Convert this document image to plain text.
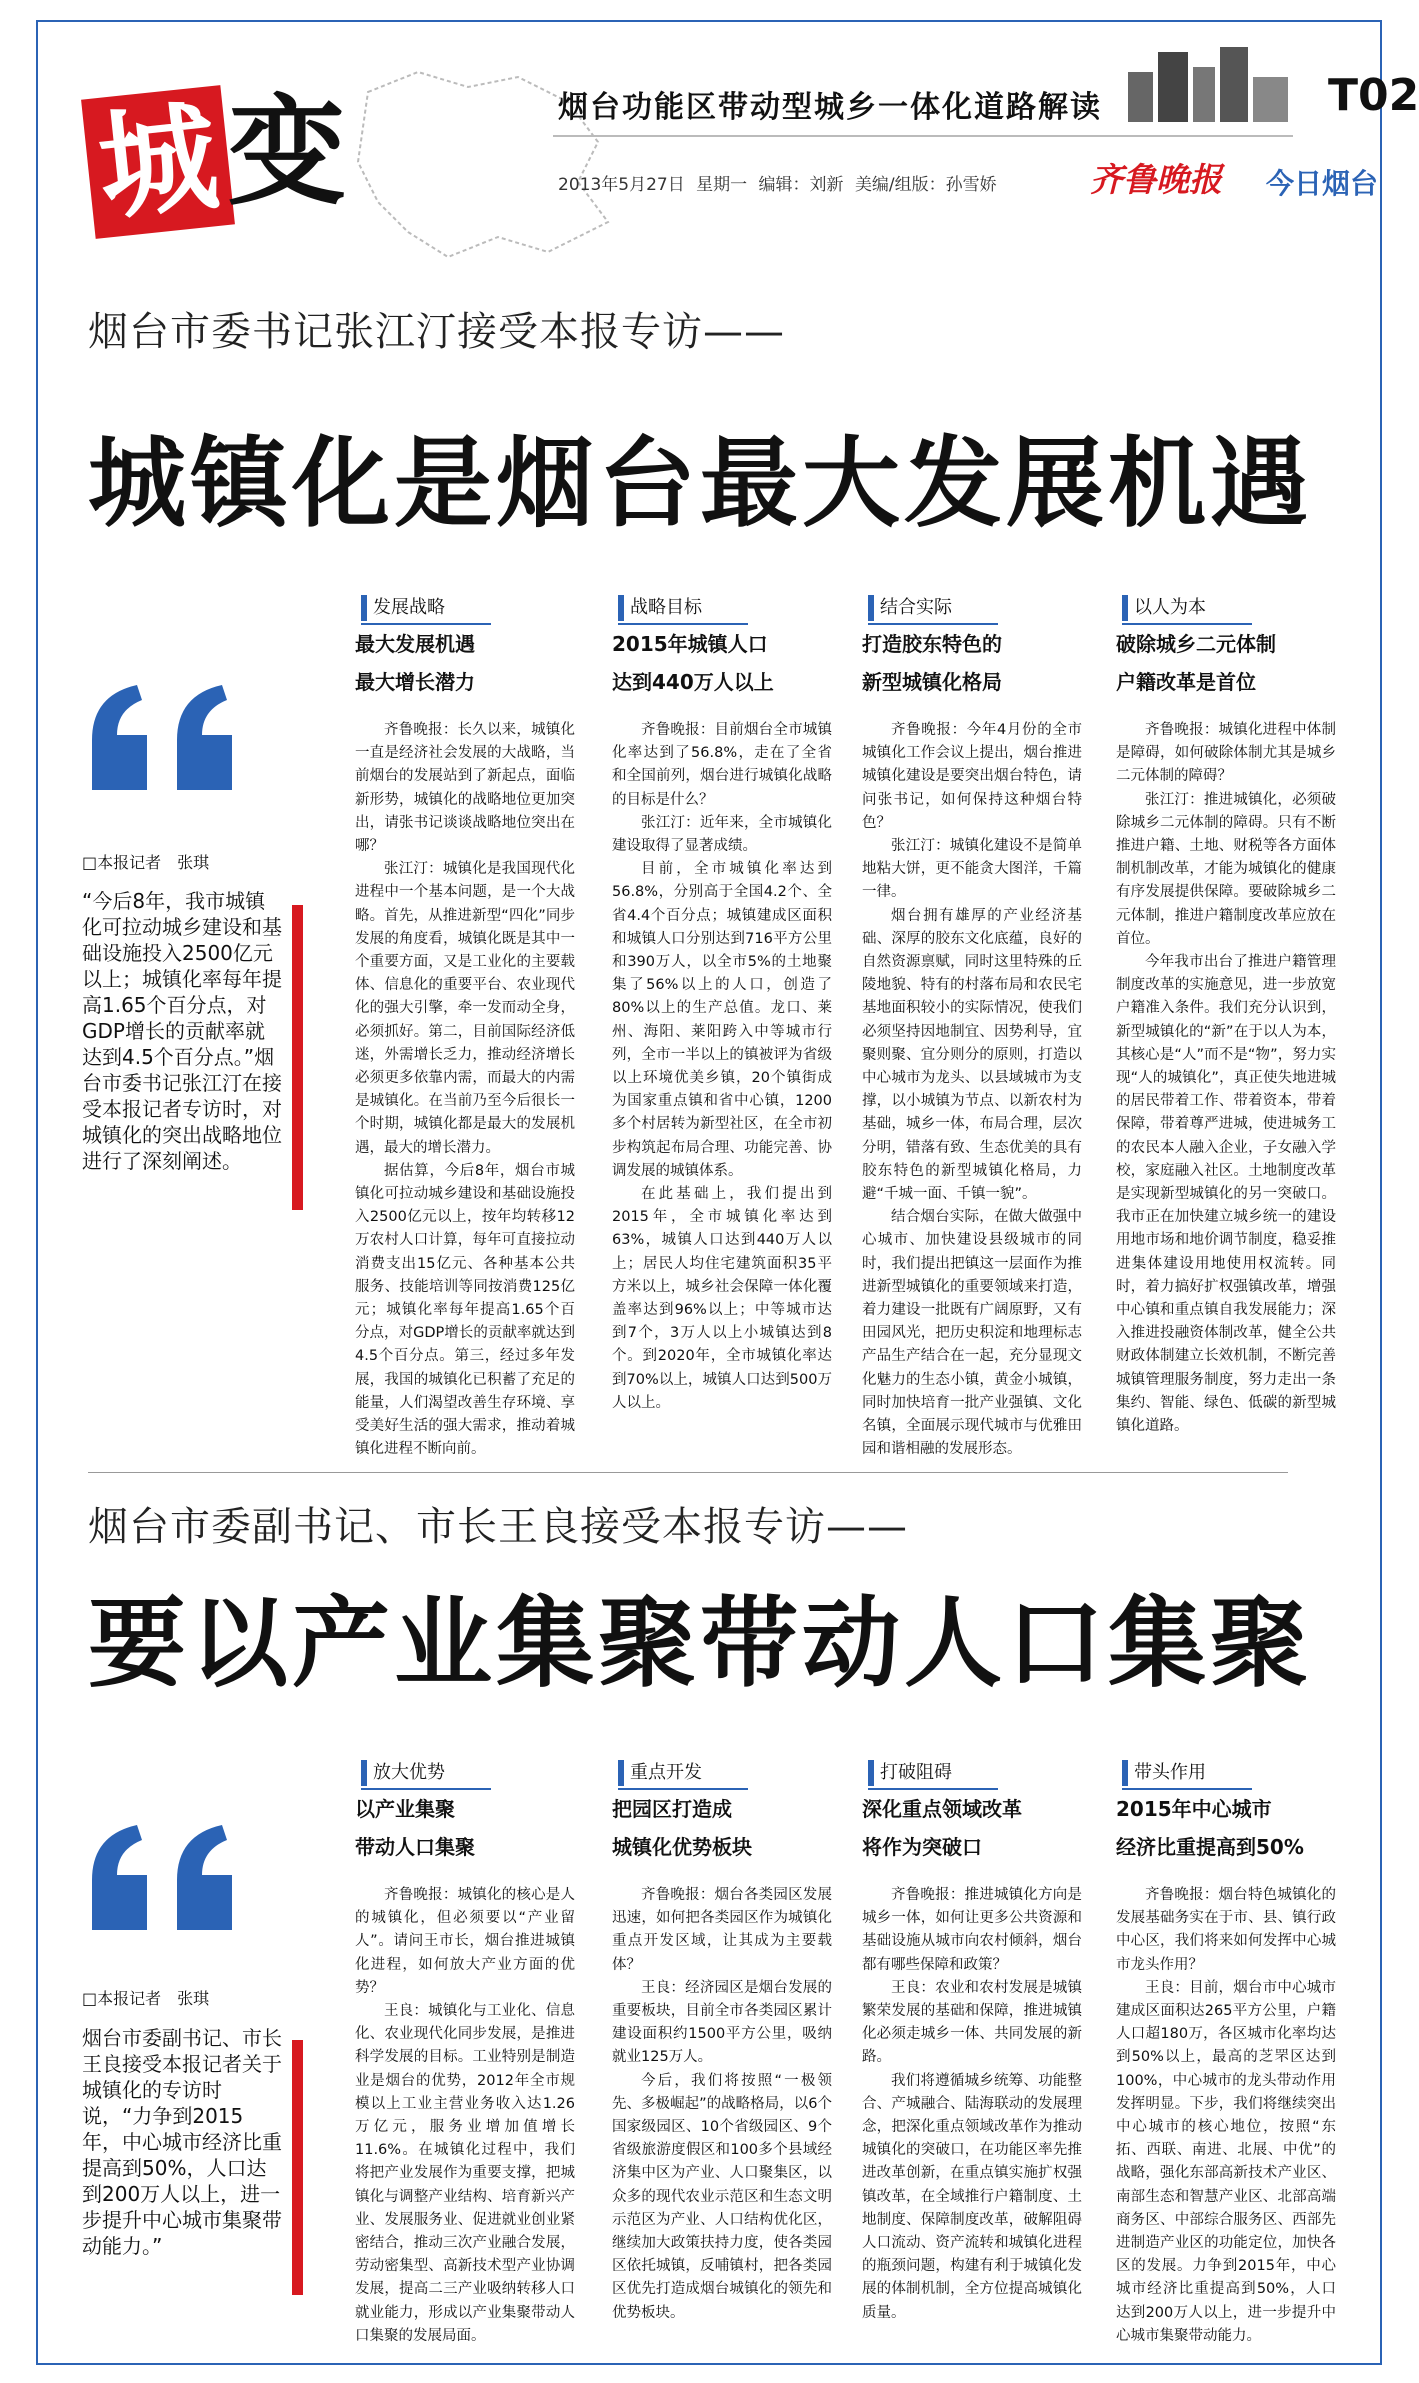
城 变	烟台功能区带动型城乡一体化道路解读	T02
2013年5月27日 星期一 编辑：刘新 美编/组版：孙雪娇	齐鲁晚报 今日烟台
烟台市委书记张江汀接受本报专访——
城镇化是烟台最大发展机遇
□本报记者　张琪
“今后8年，我市城镇化可拉动城乡建设和基础设施投入2500亿元以上；城镇化率每年提高1.65个百分点，对GDP增长的贡献率就达到4.5个百分点。”烟台市委书记张江汀在接受本报记者专访时，对城镇化的突出战略地位进行了深刻阐述。
发展战略
最大发展机遇
最大增长潜力
齐鲁晚报：长久以来，城镇化一直是经济社会发展的大战略，当前烟台的发展站到了新起点，面临新形势，城镇化的战略地位更加突出，请张书记谈谈战略地位突出在哪？
张江汀：城镇化是我国现代化进程中一个基本问题，是一个大战略。首先，从推进新型“四化”同步发展的角度看，城镇化既是其中一个重要方面，又是工业化的主要载体、信息化的重要平台、农业现代化的强大引擎，牵一发而动全身，必须抓好。第二，目前国际经济低迷，外需增长乏力，推动经济增长必须更多依靠内需，而最大的内需是城镇化。在当前乃至今后很长一个时期，城镇化都是最大的发展机遇，最大的增长潜力。
据估算，今后8年，烟台市城镇化可拉动城乡建设和基础设施投入2500亿元以上，按年均转移12万农村人口计算，每年可直接拉动消费支出15亿元、各种基本公共服务、技能培训等同按消费125亿元；城镇化率每年提高1.65个百分点，对GDP增长的贡献率就达到4.5个百分点。第三，经过多年发展，我国的城镇化已积蓄了充足的能量，人们渴望改善生存环境、享受美好生活的强大需求，推动着城镇化进程不断向前。
战略目标
2015年城镇人口
达到440万人以上
齐鲁晚报：目前烟台全市城镇化率达到了56.8%，走在了全省和全国前列，烟台进行城镇化战略的目标是什么？
张江汀：近年来，全市城镇化建设取得了显著成绩。
目前，全市城镇化率达到56.8%，分别高于全国4.2个、全省4.4个百分点；城镇建成区面积和城镇人口分别达到716平方公里和390万人，以全市5%的土地聚集了56%以上的人口，创造了80%以上的生产总值。龙口、莱州、海阳、莱阳跨入中等城市行列，全市一半以上的镇被评为省级以上环境优美乡镇，20个镇街成为国家重点镇和省中心镇，1200多个村居转为新型社区，在全市初步构筑起布局合理、功能完善、协调发展的城镇体系。
在此基础上，我们提出到2015年，全市城镇化率达到63%，城镇人口达到440万人以上；居民人均住宅建筑面积35平方米以上，城乡社会保障一体化覆盖率达到96%以上；中等城市达到7个，3万人以上小城镇达到8个。到2020年，全市城镇化率达到70%以上，城镇人口达到500万人以上。
结合实际
打造胶东特色的
新型城镇化格局
齐鲁晚报：今年4月份的全市城镇化工作会议上提出，烟台推进城镇化建设是要突出烟台特色，请问张书记，如何保持这种烟台特色？
张江汀：城镇化建设不是简单地粘大饼，更不能贪大图洋，千篇一律。
烟台拥有雄厚的产业经济基础、深厚的胶东文化底蕴，良好的自然资源禀赋，同时这里特殊的丘陵地貌、特有的村落布局和农民宅基地面积较小的实际情况，使我们必须坚持因地制宜、因势利导，宜聚则聚、宜分则分的原则，打造以中心城市为龙头、以县域城市为支撑，以小城镇为节点、以新农村为基础，城乡一体，布局合理，层次分明，错落有致、生态优美的具有胶东特色的新型城镇化格局，力避“千城一面、千镇一貌”。
结合烟台实际，在做大做强中心城市、加快建设县级城市的同时，我们提出把镇这一层面作为推进新型城镇化的重要领域来打造，着力建设一批既有广阔原野，又有田园风光，把历史积淀和地理标志产品生产结合在一起，充分显现文化魅力的生态小镇，黄金小城镇，同时加快培育一批产业强镇、文化名镇，全面展示现代城市与优雅田园和谐相融的发展形态。
以人为本
破除城乡二元体制
户籍改革是首位
齐鲁晚报：城镇化进程中体制是障碍，如何破除体制尤其是城乡二元体制的障碍？
张江汀：推进城镇化，必须破除城乡二元体制的障碍。只有不断推进户籍、土地、财税等各方面体制机制改革，才能为城镇化的健康有序发展提供保障。要破除城乡二元体制，推进户籍制度改革应放在首位。
今年我市出台了推进户籍管理制度改革的实施意见，进一步放宽户籍准入条件。我们充分认识到，新型城镇化的“新”在于以人为本，其核心是“人”而不是“物”，努力实现“人的城镇化”，真正使失地进城的居民带着工作、带着资本，带着保障，带着尊严进城，使进城务工的农民本人融入企业，子女融入学校，家庭融入社区。土地制度改革是实现新型城镇化的另一突破口。我市正在加快建立城乡统一的建设用地市场和地价调节制度，稳妥推进集体建设用地使用权流转。同时，着力搞好扩权强镇改革，增强中心镇和重点镇自我发展能力；深入推进投融资体制改革，健全公共财政体制建立长效机制，不断完善城镇管理服务制度，努力走出一条集约、智能、绿色、低碳的新型城镇化道路。
烟台市委副书记、市长王良接受本报专访——
要以产业集聚带动人口集聚
□本报记者　张琪
烟台市委副书记、市长王良接受本报记者关于城镇化的专访时说，“力争到2015年，中心城市经济比重提高到50%，人口达到200万人以上，进一步提升中心城市集聚带动能力。”
放大优势
以产业集聚
带动人口集聚
齐鲁晚报：城镇化的核心是人的城镇化，但必须要以“产业留人”。请问王市长，烟台推进城镇化进程，如何放大产业方面的优势？
王良：城镇化与工业化、信息化、农业现代化同步发展，是推进科学发展的目标。工业特别是制造业是烟台的优势，2012年全市规模以上工业主营业务收入达1.26万亿元，服务业增加值增长11.6%。在城镇化过程中，我们将把产业发展作为重要支撑，把城镇化与调整产业结构、培育新兴产业、发展服务业、促进就业创业紧密结合，推动三次产业融合发展，劳动密集型、高新技术型产业协调发展，提高二三产业吸纳转移人口就业能力，形成以产业集聚带动人口集聚的发展局面。
重点开发
把园区打造成
城镇化优势板块
齐鲁晚报：烟台各类园区发展迅速，如何把各类园区作为城镇化重点开发区域，让其成为主要载体？
王良：经济园区是烟台发展的重要板块，目前全市各类园区累计建设面积约1500平方公里，吸纳就业125万人。
今后，我们将按照“一极领先、多极崛起”的战略格局，以6个国家级园区、10个省级园区、9个省级旅游度假区和100多个县域经济集中区为产业、人口聚集区，以众多的现代农业示范区和生态文明示范区为产业、人口结构优化区，继续加大政策扶持力度，使各类园区依托城镇，反哺镇村，把各类园区优先打造成烟台城镇化的领先和优势板块。
打破阻碍
深化重点领域改革
将作为突破口
齐鲁晚报：推进城镇化方向是城乡一体，如何让更多公共资源和基础设施从城市向农村倾斜，烟台都有哪些保障和政策？
王良：农业和农村发展是城镇繁荣发展的基础和保障，推进城镇化必须走城乡一体、共同发展的新路。
我们将遵循城乡统筹、功能整合、产城融合、陆海联动的发展理念，把深化重点领域改革作为推动城镇化的突破口，在功能区率先推进改革创新，在重点镇实施扩权强镇改革，在全域推行户籍制度、土地制度、保障制度改革，破解阻碍人口流动、资产流转和城镇化进程的瓶颈问题，构建有利于城镇化发展的体制机制，全方位提高城镇化质量。
带头作用
2015年中心城市
经济比重提高到50%
齐鲁晚报：烟台特色城镇化的发展基础务实在于市、县、镇行政中心区，我们将来如何发挥中心城市龙头作用？
王良：目前，烟台市中心城市建成区面积达265平方公里，户籍人口超180万，各区城市化率均达到50%以上，最高的芝罘区达到100%，中心城市的龙头带动作用发挥明显。下步，我们将继续突出中心城市的核心地位，按照“东拓、西联、南进、北展、中优”的战略，强化东部高新技术产业区、南部生态和智慧产业区、北部高端商务区、中部综合服务区、西部先进制造产业区的功能定位，加快各区的发展。力争到2015年，中心城市经济比重提高到50%，人口达到200万人以上，进一步提升中心城市集聚带动能力。
